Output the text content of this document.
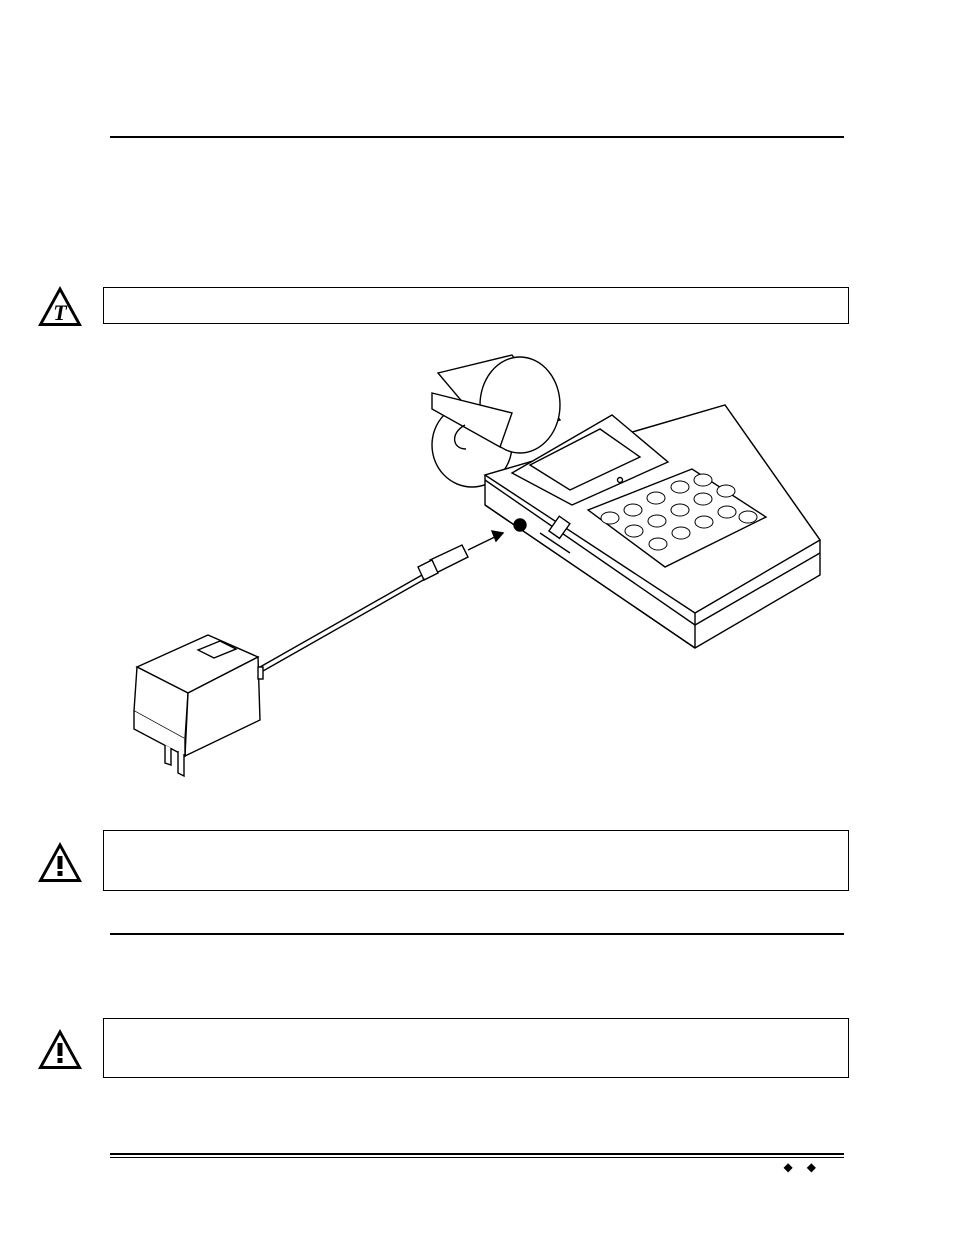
T
◆◆
